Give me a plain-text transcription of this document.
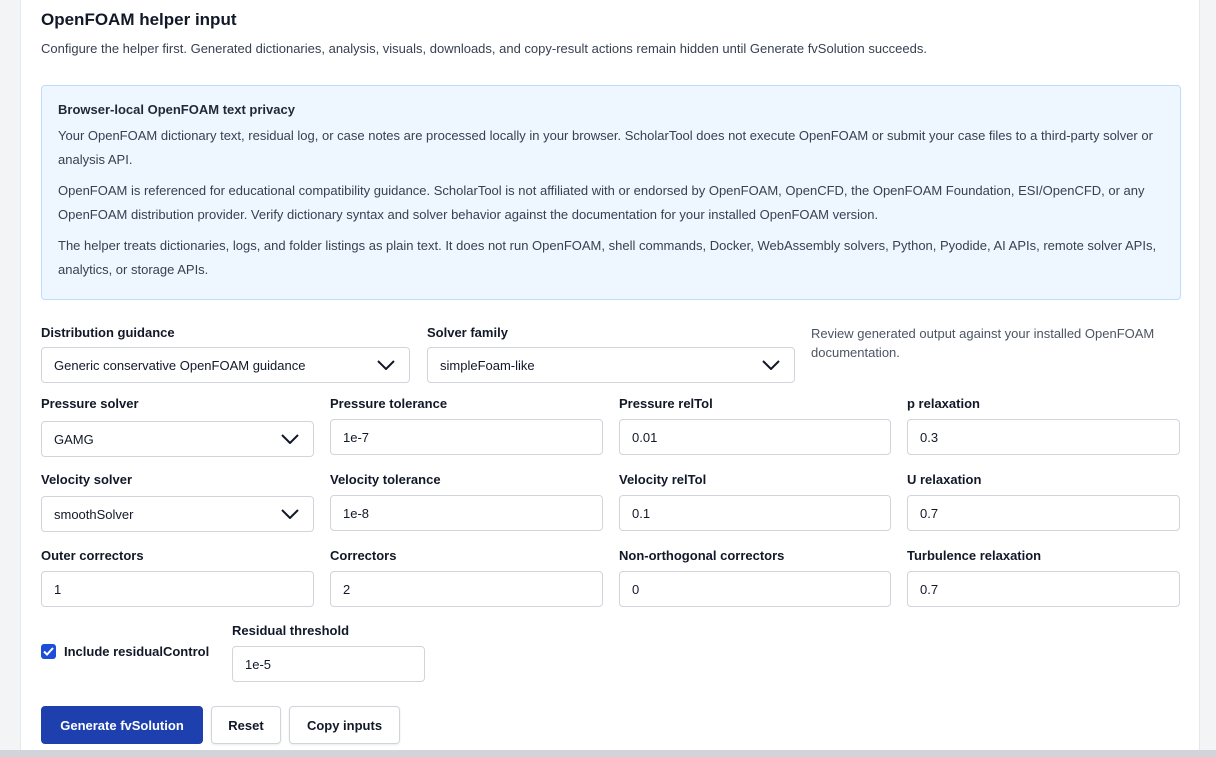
OpenFOAM helper input
Configure the helper first. Generated dictionaries, analysis, visuals, downloads, and copy-result actions remain hidden until Generate fvSolution succeeds.
Browser-local OpenFOAM text privacy

Your OpenFOAM dictionary text, residual log, or case notes are processed locally in your browser. ScholarTool does not execute OpenFOAM or submit your case files to a third-party solver or analysis API.

OpenFOAM is referenced for educational compatibility guidance. ScholarTool is not affiliated with or endorsed by OpenFOAM, OpenCFD, the OpenFOAM Foundation, ESI/OpenCFD, or any OpenFOAM distribution provider. Verify dictionary syntax and solver behavior against the documentation for your installed OpenFOAM version.

The helper treats dictionaries, logs, and folder listings as plain text. It does not run OpenFOAM, shell commands, Docker, WebAssembly solvers, Python, Pyodide, AI APIs, remote solver APIs, analytics, or storage APIs.

Distribution guidance
Generic conservative OpenFOAM guidance
Solver family
simpleFoam-like
Review generated output against your installed OpenFOAM documentation.
Pressure solver
GAMG
Pressure tolerance
1e-7
Pressure relTol
0.01
p relaxation
0.3
Velocity solver
smoothSolver
Velocity tolerance
1e-8
Velocity relTol
0.1
U relaxation
0.7
Outer correctors
1
Correctors
2
Non-orthogonal correctors
0
Turbulence relaxation
0.7
Include residualControl
Residual threshold
1e-5
Generate fvSolution	Reset	Copy inputs
